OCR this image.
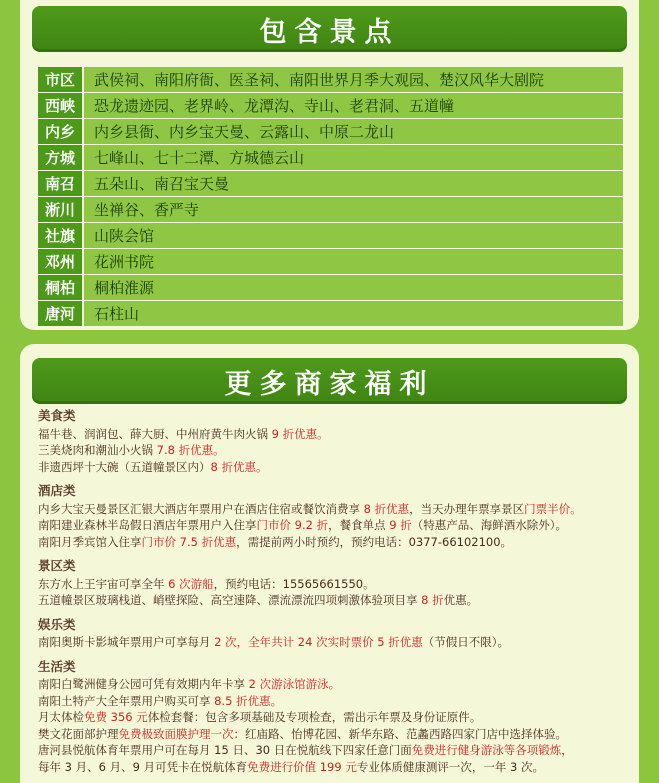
包含景点
市区	武侯祠、南阳府衙、医圣祠、南阳世界月季大观园、楚汉风华大剧院
西峡	恐龙遗迹园、老界岭、龙潭沟、寺山、老君洞、五道幢
内乡	内乡县衙、内乡宝天曼、云露山、中原二龙山
方城	七峰山、七十二潭、方城德云山
南召	五朵山、南召宝天曼
淅川	坐禅谷、香严寺
社旗	山陕会馆
邓州	花洲书院
桐柏	桐柏淮源
唐河	石柱山
更多商家福利
美食类
福牛巷、润润包、薛大厨、中州府黄牛肉火锅 9 折优惠。
三美烧肉和潮汕小火锅 7.8 折优惠。
非遗西坪十大碗（五道幢景区内）8 折优惠。
酒店类
内乡大宝天曼景区汇银大酒店年票用户在酒店住宿或餐饮消费享 8 折优惠，当天办理年票享景区门票半价。
南阳建业森林半岛假日酒店年票用户入住享门市价 9.2 折，餐食单点 9 折（特惠产品、海鲜酒水除外）。
南阳月季宾馆入住享门市价 7.5 折优惠，需提前两小时预约，预约电话：0377-66102100。
景区类
东方水上王宇宙可享全年 6 次游船，预约电话：15565661550。
五道幢景区玻璃栈道、峭壁探险、高空速降、漂流漂流四项刺激体验项目享 8 折优惠。
娱乐类
南阳奥斯卡影城年票用户可享每月 2 次，全年共计 24 次实时票价 5 折优惠（节假日不限）。
生活类
南阳白鹭洲健身公园可凭有效期内年卡享 2 次游泳馆游泳。
南阳土特产大全年票用户购买可享 8.5 折优惠。
月太体检免费 356 元体检套餐：包含多项基础及专项检查，需出示年票及身份证原件。
樊文花面部护理免费极致面膜护理一次：红庙路、怡博花园、新华东路、范蠡西路四家门店中选择体验。
唐河县悦航体育年票用户可在每月 15 日、30 日在悦航线下四家任意门面免费进行健身游泳等各项锻炼，
每年 3 月、6 月、9 月可凭卡在悦航体育免费进行价值 199 元专业体质健康测评一次，一年 3 次。
